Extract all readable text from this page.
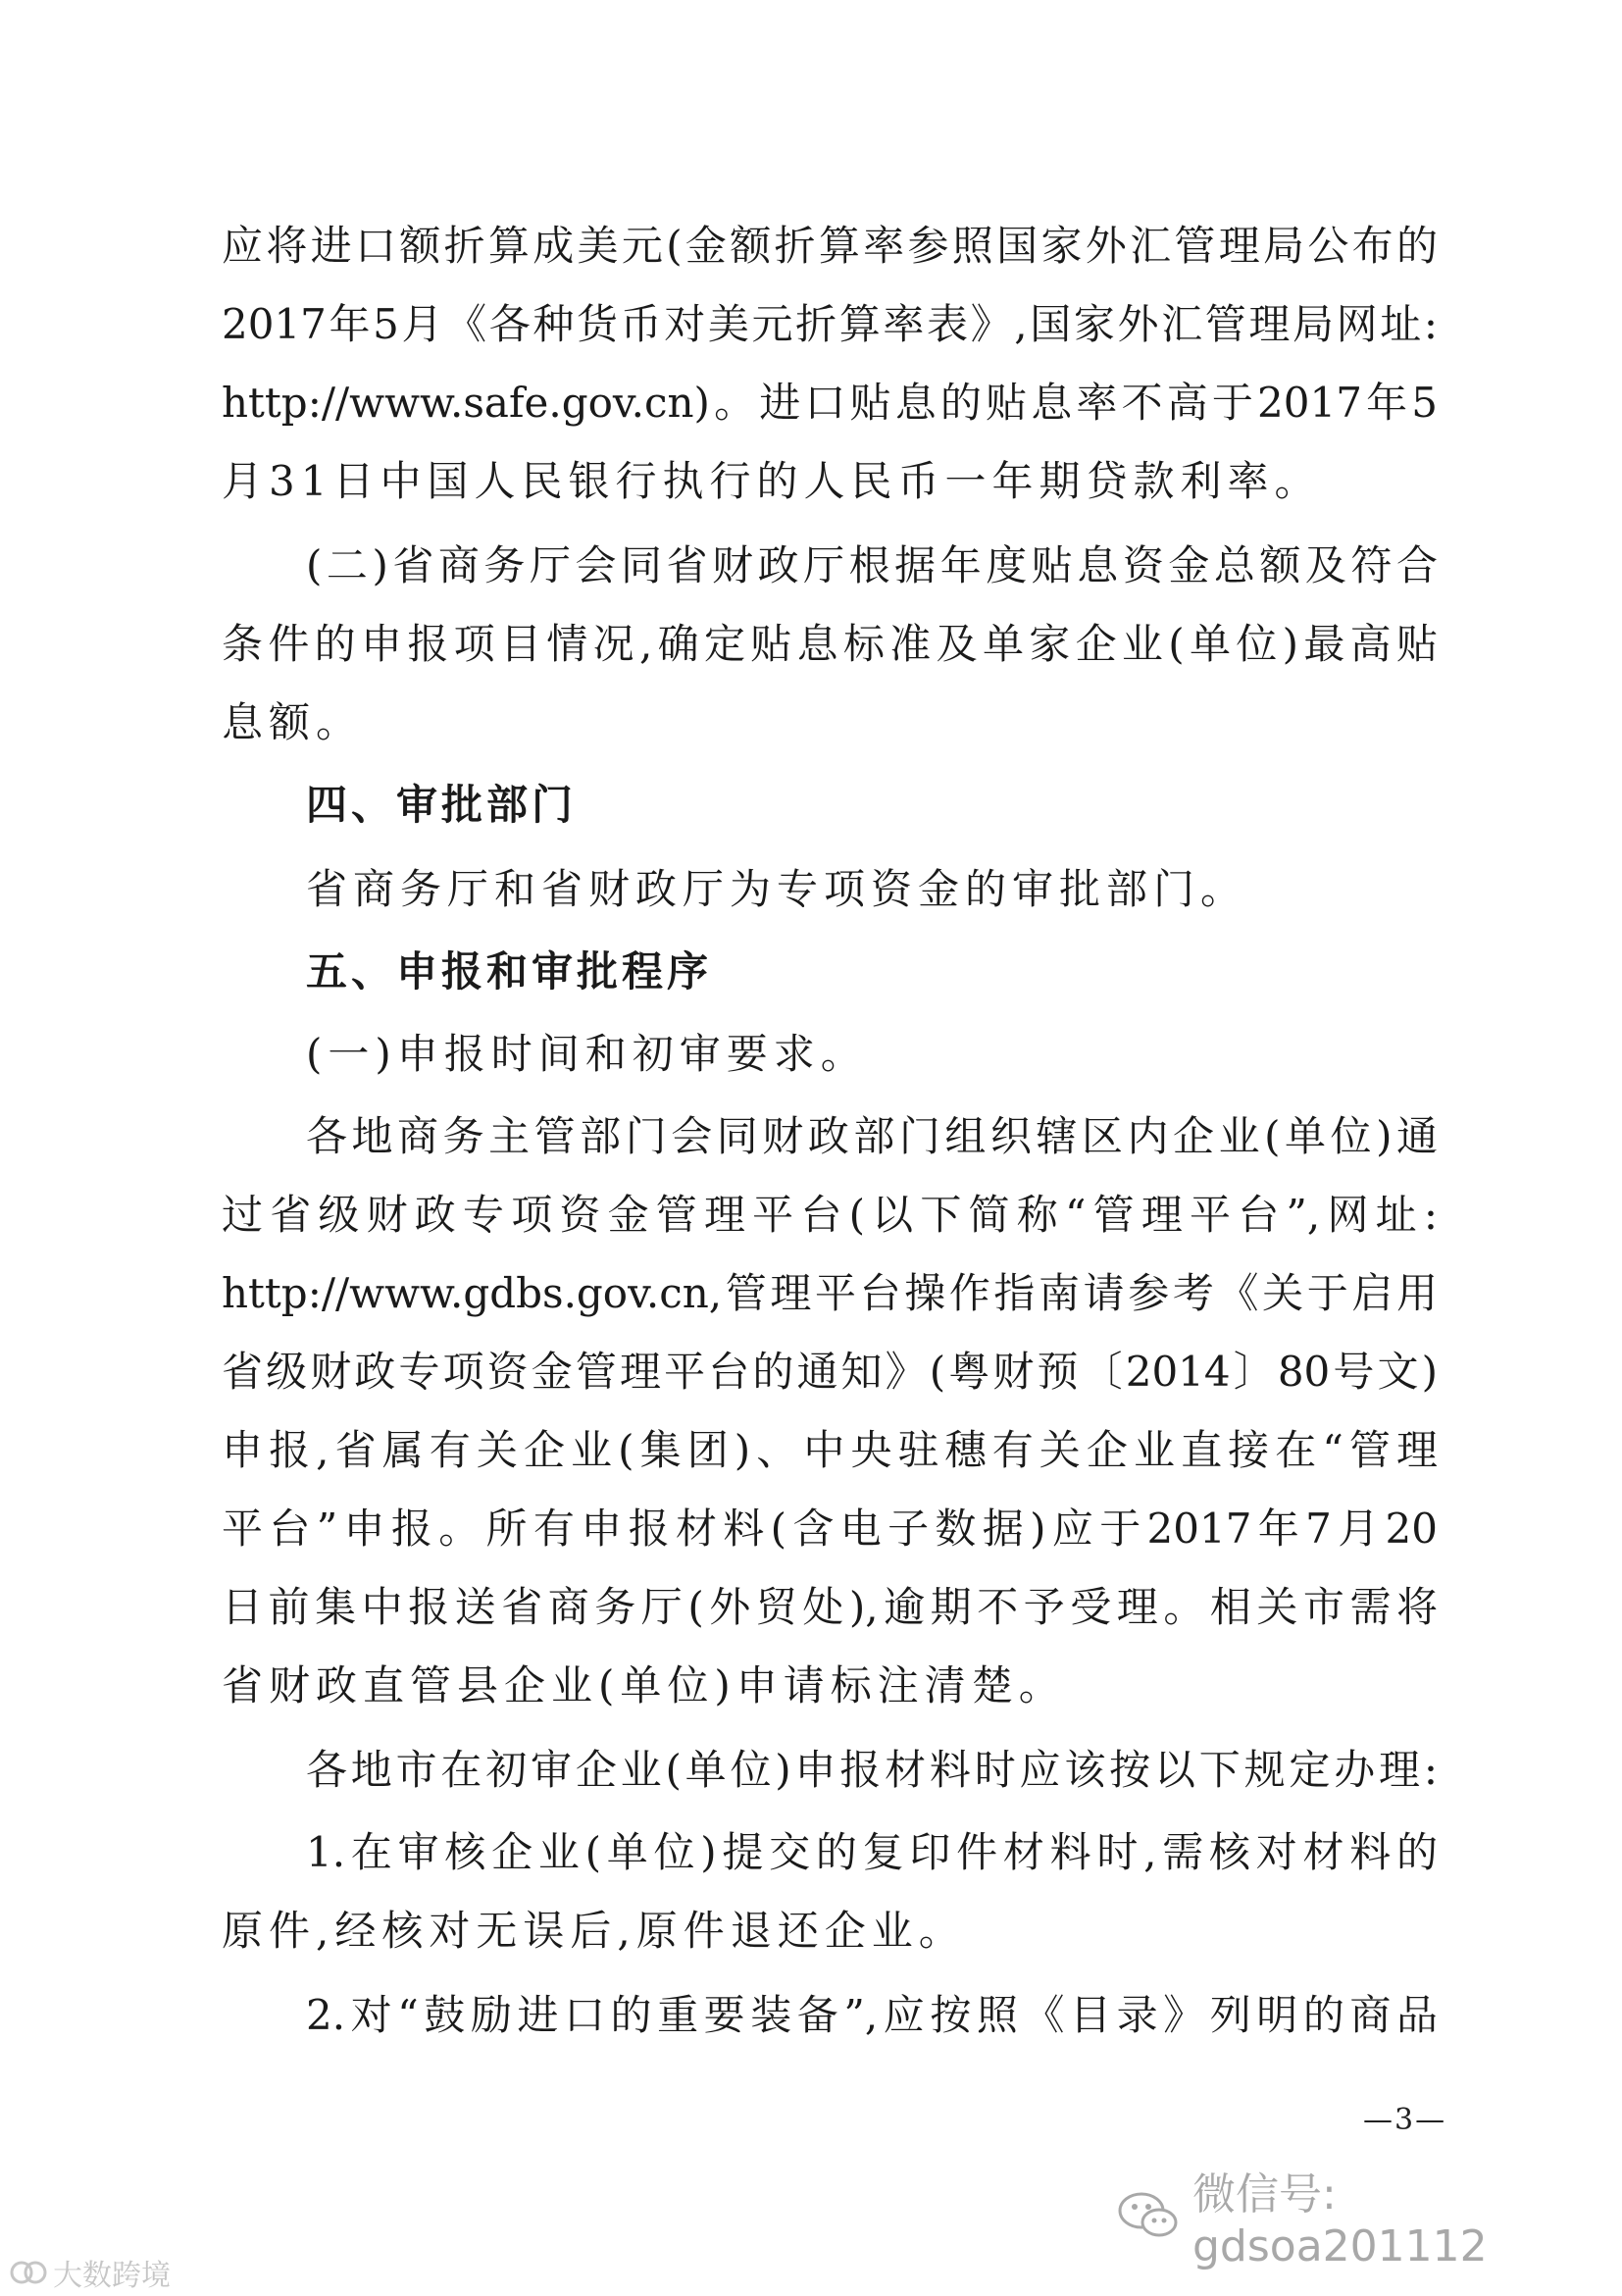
应将进口额折算成美元(金额折算率参照国家外汇管理局公布的
2017年5月《各种货币对美元折算率表》,国家外汇管理局网址:
http://www.safe.gov.cn)。进口贴息的贴息率不高于2017年5
月31日中国人民银行执行的人民币一年期贷款利率。
(二)省商务厅会同省财政厅根据年度贴息资金总额及符合
条件的申报项目情况,确定贴息标准及单家企业(单位)最高贴
息额。
四、审批部门
省商务厅和省财政厅为专项资金的审批部门。
五、申报和审批程序
(一)申报时间和初审要求。
各地商务主管部门会同财政部门组织辖区内企业(单位)通
过省级财政专项资金管理平台(以下简称“管理平台”,网址:
http://www.gdbs.gov.cn,管理平台操作指南请参考《关于启用
省级财政专项资金管理平台的通知》(粤财预〔2014〕80号文)
申报,省属有关企业(集团)、中央驻穗有关企业直接在“管理
平台”申报。所有申报材料(含电子数据)应于2017年7月20
日前集中报送省商务厅(外贸处),逾期不予受理。相关市需将
省财政直管县企业(单位)申请标注清楚。
各地市在初审企业(单位)申报材料时应该按以下规定办理:
1.在审核企业(单位)提交的复印件材料时,需核对材料的
原件,经核对无误后,原件退还企业。
2.对“鼓励进口的重要装备”,应按照《目录》列明的商品
—3—
微信号: gdsoa201112
大数跨境
